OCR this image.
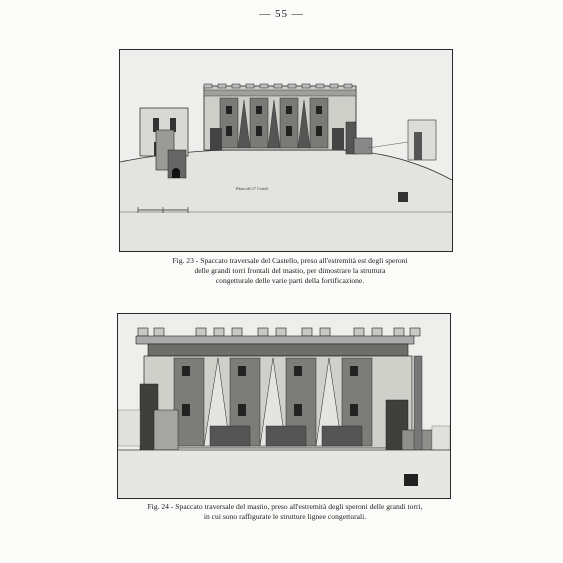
— 55 —
Piano del 2° Cortile
Fig. 23 - Spaccato traversale del Castello, preso all'estremità est degli speroni
delle grandi torri frontali del mastio, per dimostrare la struttura
congetturale delle varie parti della fortificazione.
Fig. 24 - Spaccato traversale del mastio, preso all'estremità degli speroni delle grandi torri,
in cui sono raffigurate le strutture lignee congetturali.
